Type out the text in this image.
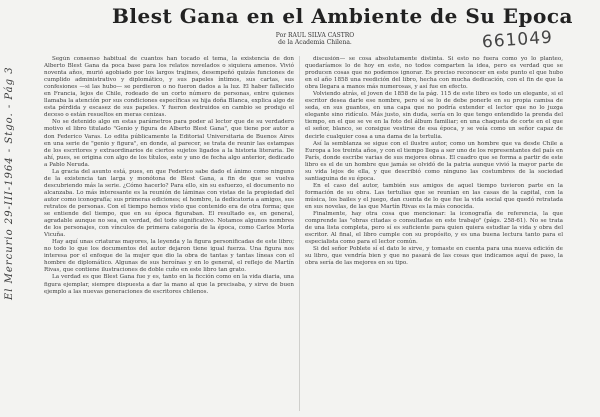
Blest Gana en el Ambiente de Su Epoca
Por RAUL SILVA CASTRO
de la Academia Chilena.	661049
El Mercurio 29-III-1964 - Stgo. - Pág 3

Según consenso habitual de cuantos han tocado el tema, la existencia de don Alberto Blest Gana da poca base para los relatos novelados o siquiera amenos. Vivió noventa años, murió agobiado por los largos trajines, desempeñó quizás funciones de cumplido administrativo y diplomático, y sus papeles íntimos, sus cartas, sus confesiones —si las hubo— se perdieron o no fueron dados a la luz. El haber fallecido en Francia, lejos de Chile, rodeado de un corto número de personas, entre quienes llamaba la atención por sus condiciones específicas su hija doña Blanca, explica algo de esta pérdida y escasez de sus papeles. Y fueron destruidos en cambio se produjo el deceso o están resueltos en meras cenizas.

No se detenido algo en estas parámetros para poder al lector que de su verdadero motivo el libro titulado "Genio y figura de Alberto Blest Gana", que tiene por autor a don Federico Varas. Lo edita públicamente la Editorial Universitaria de Buenos Aires en una serie de "genio y figura", en donde, al parecer, se trata de reunir las estampas de los escritores y extraordinarios de ciertos sujetos ligados a la historia literaria. De ahí, pues, se origina con algo de los títulos, este y uno de fecha algo anterior, dedicado a Pablo Neruda.

La gracia del asunto está, pues, en que Federico sabe dado el ánimo como ninguno de la existencia tan larga y monótona de Blest Gana, a fin de que se vuelva descubriendo más la serie. ¿Cómo hacerlo? Para ello, sin su esfuerzo, el documento no alcanzaba. Lo más interesante es la reunión de láminas con vistas de la propiedad del autor como iconografía; sus primeras ediciones; el hombre, la dedicatoria a amigos, sus retratos de personas. Con el tiempo hemos visto que contenido era de otra forma; que se entiende del tiempo, que en su época figuraban. El resultado es, en general, agradable aunque no sea, en verdad, del todo significativo. Notamos algunos nombres de los personajes, con vínculos de primera categoría de la época, como Carlos Morla Vicuña.

Hay aquí unas criaturas mayores, la leyenda y la figura personificadas de este libro; no todo lo que los documentos del autor dejaron tiene igual fuerza. Una figura nos interesa por el enfoque de la mujer que dio la obra de tantas y tantas líneas con el hombre de diplomático. Algunas de sus heroínas y en lo general, el reflejo de Martín Rivas, que contiene ilustraciones de doble cuño en este libro tan grato.

La verdad es que Blest Gana fue y es, tanto en la ficción como en la vida diaria, una figura ejemplar, siempre dispuesta a dar la mano al que la precisaba, y sirve de buen ejemplo a las nuevas generaciones de escritores chilenos.

discusión— se cosa absolutamente distinta. Si esto no fuera como yo lo planteo, quedaríamos lo de hoy en este, no todos comparten la idea, pero es verdad que se producen cosas que no podemos ignorar. Es preciso reconocer en este punto el que hubo en el año 1858 una reedición del libro, hecha con mucha dedicación, con el fin de que la obra llegara a manos más numerosas, y así fue en efecto.

Volviendo atrás, el joven de 1858 de la pág. 115 de este libro es todo un elegante, si el escritor desea darle ese nombre, pero sí se lo de debe ponerle en su propia camisa de seda, en sus guantes, en una capa que no podría extender el lector que no lo juzga elegante sino ridículo. Más justo, sin duda, sería en lo que tengo entendido la prenda del tiempo, en el que se ve en la foto del álbum familiar; en una chaqueta de corte en el que el señor, blanco, se consigue vestirse de esa época, y se veía como un señor capaz de decirle cualquier cosa a una dama de la tertulia.

Así la semblanza se sigue con el ilustre autor, como un hombre que va desde Chile a Europa a los treinta años, y con el tiempo llega a ser uno de los representantes del país en París, donde escribe varias de sus mejores obras. El cuadro que se forma a partir de este libro es el de un hombre que jamás se olvidó de la patria aunque vivió la mayor parte de su vida lejos de ella, y que describió como ninguno las costumbres de la sociedad santiaguina de su época.

En el caso del autor, también sus amigos de aquel tiempo tuvieron parte en la formación de su obra. Las tertulias que se reunían en las casas de la capital, con la música, los bailes y el juego, dan cuenta de lo que fue la vida social que quedó retratada en sus novelas, de las que Martín Rivas es la más conocida.

Finalmente, hay otra cosa que mencionar: la iconografía de referencia, la que comprende las "obras citadas o consultadas en este trabajo" (págs. 258-61). No se trata de una lista completa, pero sí es suficiente para quien quiera estudiar la vida y obra del escritor. Al final, el libro cumple con su propósito, y es una buena lectura tanto para el especialista como para el lector común.

Si del señor Poblete sí el dato le sirve, y tomaste en cuenta para una nueva edición de su libro, que vendría bien y que no pasará de las cosas que indicamos aquí de paso, la obra sería de las mejores en su tipo.
